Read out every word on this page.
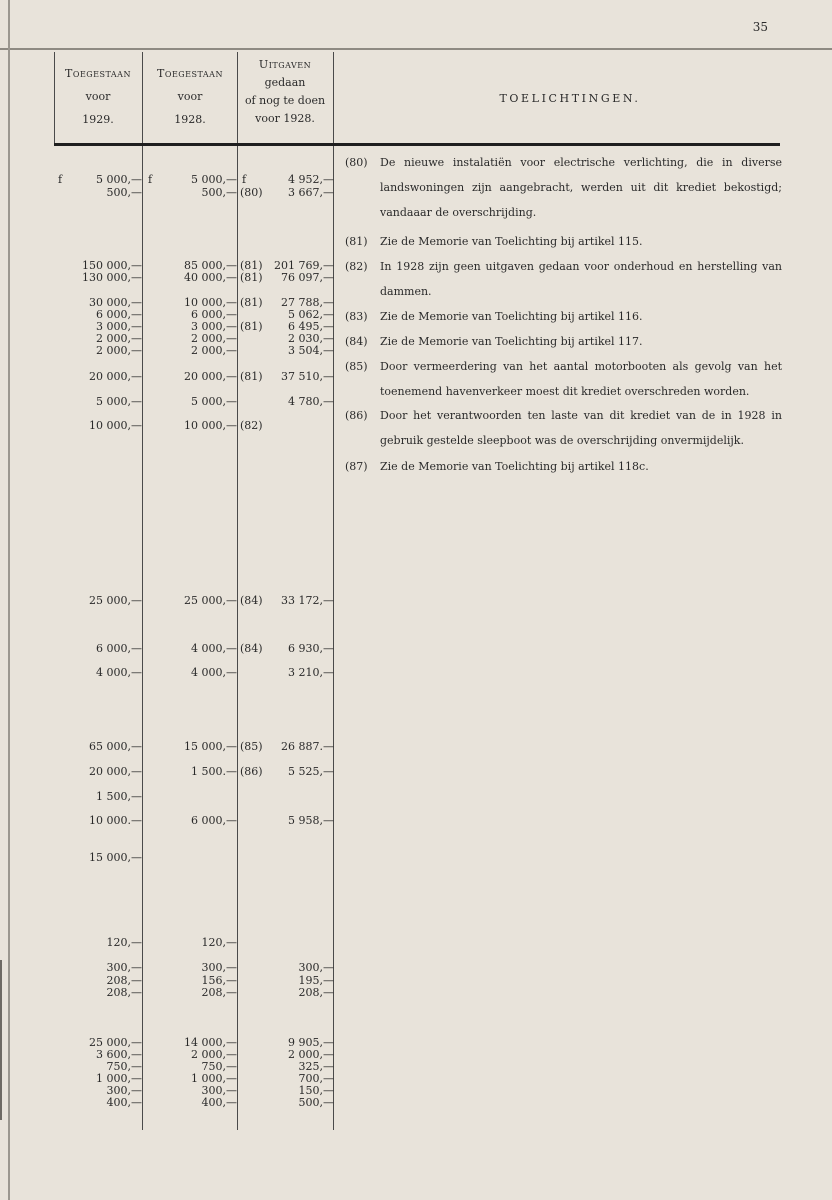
35
Toegestaan
voor
1929.
Toegestaan
voor
1928.
Uitgaven
gedaan
of nog te doen
voor 1928.
TOELICHTINGEN.
f	f	f
5 000,—	5 000,—	4 952,—
500,—	500,— (80) 3 667,—
150 000,—	85 000,— (81) 201 769,—
130 000,—	40 000,— (81) 76 097,—
30 000,—	10 000,— (81) 27 788,—
6 000,—	6 000,—	5 062,—
3 000,—	3 000,— (81) 6 495,—
2 000,—	2 000,—	2 030,—
2 000,—	2 000,—	3 504,—
20 000,—	20 000,— (81) 37 510,—
5 000,—	5 000,—	4 780,—
10 000,—	10 000,— (82)
25 000,—	25 000,— (84) 33 172,—
6 000,—	4 000,— (84) 6 930,—
4 000,—	4 000,—	3 210,—
65 000,—	15 000,— (85) 26 887.—
20 000,—	1 500.— (86) 5 525,—
1 500,—
10 000.—	6 000,—	5 958,—
15 000,—
120,—	120,—
300,—	300,—	300,—
208,—	156,—	195,—
208,—	208,—	208,—
25 000,—	14 000,—	9 905,—
3 600,—	2 000,—	2 000,—
750,—	750,—	325,—
1 000,—	1 000,—	700,—
300,—	300,—	150,—
400,—	400,—	500,—
(80) De nieuwe instalatiën voor electrische verlichting, die in diverse landswoningen zijn aangebracht, werden uit dit krediet bekostigd; vandaaar de overschrijding.
(81) Zie de Memorie van Toelichting bij artikel 115.
(82) In 1928 zijn geen uitgaven gedaan voor onderhoud en herstelling van dammen.
(83) Zie de Memorie van Toelichting bij artikel 116.
(84) Zie de Memorie van Toelichting bij artikel 117.
(85) Door vermeerdering van het aantal motorbooten als gevolg van het toenemend havenverkeer moest dit krediet overschreden worden.
(86) Door het verantwoorden ten laste van dit krediet van de in 1928 in gebruik gestelde sleepboot was de overschrijding onvermijdelijk.
(87) Zie de Memorie van Toelichting bij artikel 118c.
